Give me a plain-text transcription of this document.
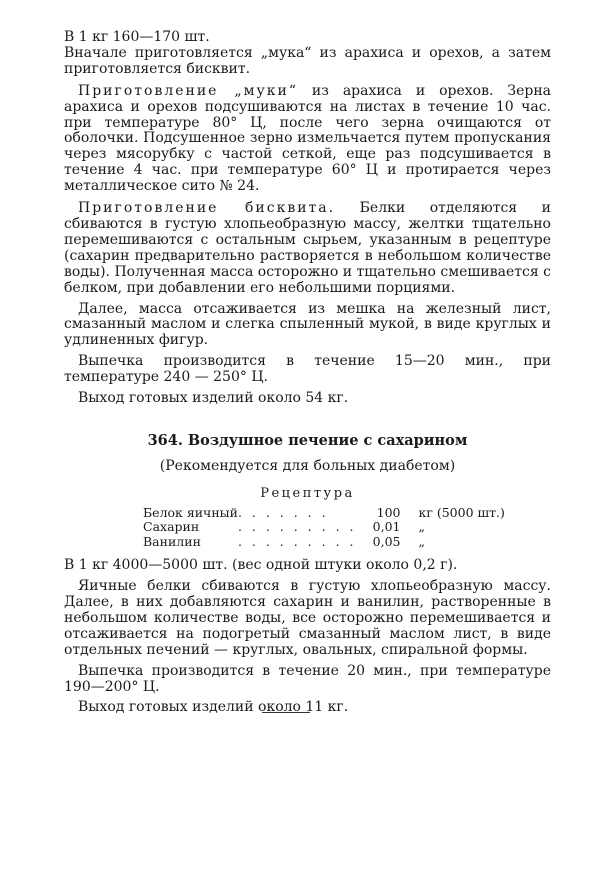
В 1 кг 160—170 шт.

Вначале приготовляется „мука“ из арахиса и орехов, а затем приготовляется бисквит.

 Приготовление „муки“ из арахиса и орехов. Зерна арахиса и орехов подсушиваются на листах в течение 10 час. при температуре 80° Ц, после чего зерна очищаются от оболочки. Подсушенное зерно измельчается путем пропускания через мясорубку с частой сеткой, еще раз подсушивается в течение 4 час. при температуре 60° Ц и протирается через металлическое сито № 24.

 Приготовление бисквита. Белки отделяются и сбиваются в густую хлопьеобразную массу, желтки тщательно перемешиваются с остальным сырьем, указанным в рецептуре (сахарин предварительно растворяется в небольшом количестве воды). Полученная масса осторожно и тщательно смешивается с белком, при добавлении его небольшими порциями.

 Далее, масса отсаживается из мешка на железный лист, смазанный маслом и слегка спыленный мукой, в виде круглых и удлиненных фигур.

 Выпечка производится в течение 15—20 мин., при температуре 240 — 250° Ц.

 Выход готовых изделий около 54 кг.

364. Воздушное печение с сахарином

(Рекомендуется для больных диабетом)

Рецептура

Белок яичный	. . . . . . .	100	кг (5000 шт.)
Сахарин	. . . . . . . . .	0,01	„
Ванилин	. . . . . . . . .	0,05	„

В 1 кг 4000—5000 шт. (вес одной штуки около 0,2 г).

 Яичные белки сбиваются в густую хлопьеобразную массу. Далее, в них добавляются сахарин и ванилин, растворенные в небольшом количестве воды, все осторожно перемешивается и отсаживается на подогретый смазанный маслом лист, в виде отдельных печений — круглых, овальных, спиральной формы.

 Выпечка производится в течение 20 мин., при температуре 190—200° Ц.

 Выход готовых изделий около 11 кг.
